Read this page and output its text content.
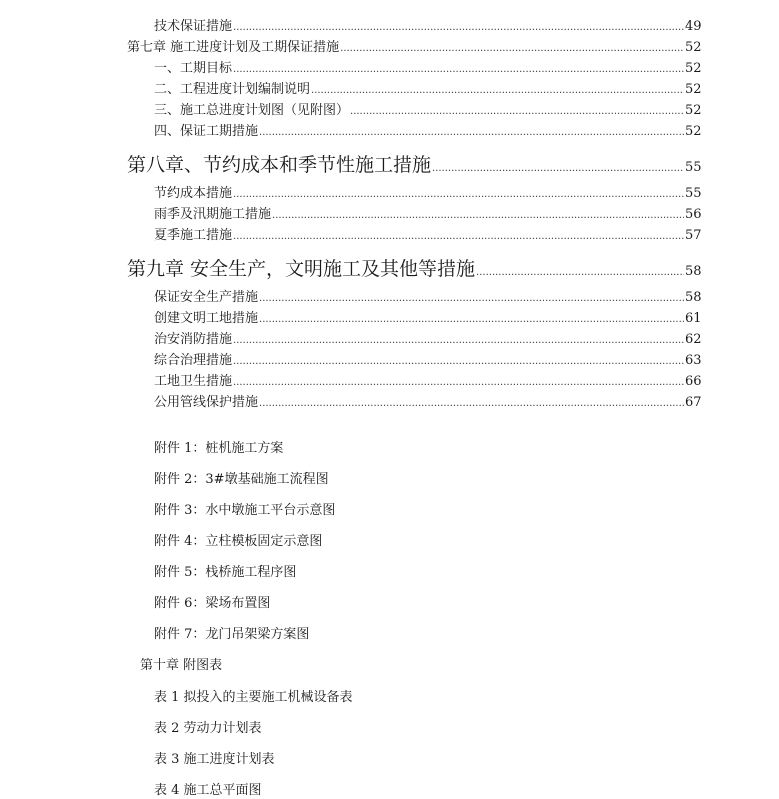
技术保证措施 .....	49
第七章 施工进度计划及工期保证措施 .....	52
一、工期目标 .....	52
二、工程进度计划编制说明 .....	52
三、施工总进度计划图（见附图） .....	52
四、保证工期措施 .....	52
第八章、节约成本和季节性施工措施 .....	55
节约成本措施 .....	55
雨季及汛期施工措施 .....	56
夏季施工措施 .....	57
第九章 安全生产，文明施工及其他等措施 .....	58
保证安全生产措施 .....	58
创建文明工地措施 .....	61
治安消防措施 .....	62
综合治理措施 .....	63
工地卫生措施 .....	66
公用管线保护措施 .....	67
附件 1：桩机施工方案
附件 2：3#墩基础施工流程图
附件 3：水中墩施工平台示意图
附件 4：立柱模板固定示意图
附件 5：栈桥施工程序图
附件 6：梁场布置图
附件 7：龙门吊架梁方案图
第十章 附图表
表 1 拟投入的主要施工机械设备表
表 2 劳动力计划表
表 3 施工进度计划表
表 4 施工总平面图
